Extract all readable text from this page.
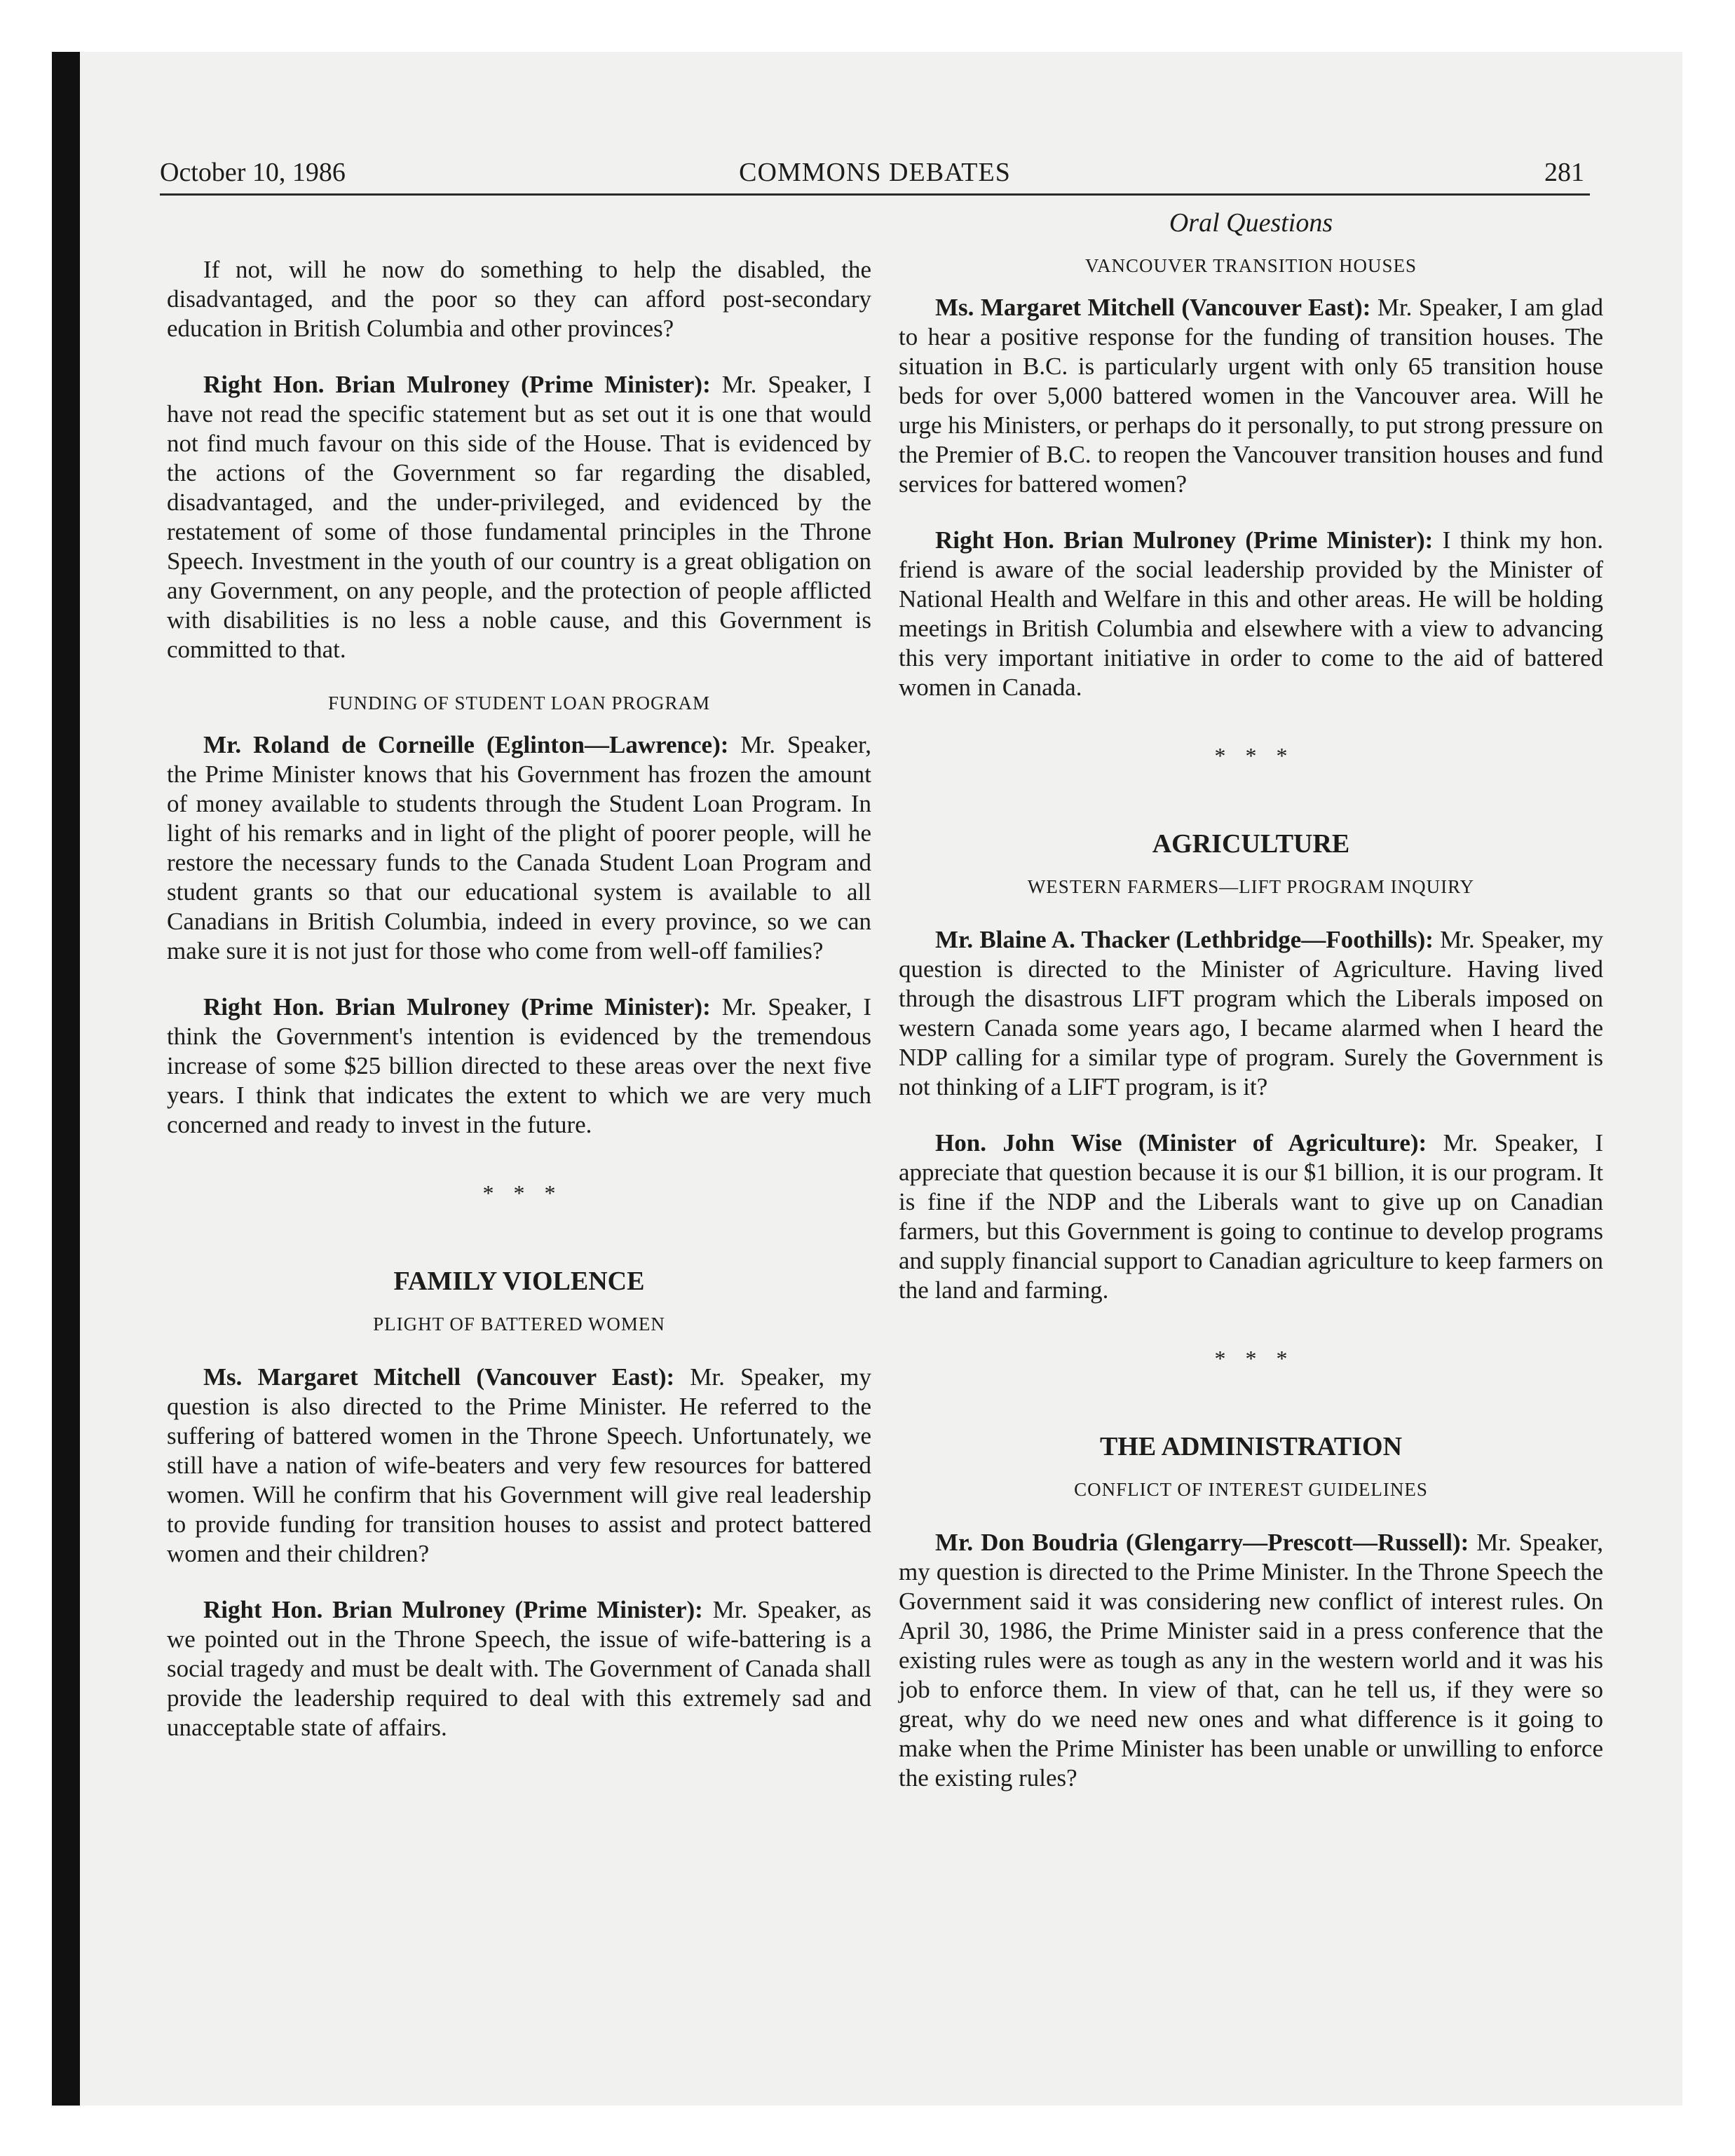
October 10, 1986	COMMONS DEBATES	281

If not, will he now do something to help the disabled, the disadvantaged, and the poor so they can afford post-secondary education in British Columbia and other provinces?

Right Hon. Brian Mulroney (Prime Minister): Mr. Speaker, I have not read the specific statement but as set out it is one that would not find much favour on this side of the House. That is evidenced by the actions of the Government so far regarding the disabled, disadvantaged, and the under-privileged, and evidenced by the restatement of some of those fundamental principles in the Throne Speech. Investment in the youth of our country is a great obligation on any Government, on any people, and the protection of people afflicted with disabilities is no less a noble cause, and this Government is committed to that.

FUNDING OF STUDENT LOAN PROGRAM

Mr. Roland de Corneille (Eglinton—Lawrence): Mr. Speaker, the Prime Minister knows that his Government has frozen the amount of money available to students through the Student Loan Program. In light of his remarks and in light of the plight of poorer people, will he restore the necessary funds to the Canada Student Loan Program and student grants so that our educational system is available to all Canadians in British Columbia, indeed in every province, so we can make sure it is not just for those who come from well-off families?

Right Hon. Brian Mulroney (Prime Minister): Mr. Speaker, I think the Government's intention is evidenced by the tremendous increase of some $25 billion directed to these areas over the next five years. I think that indicates the extent to which we are very much concerned and ready to invest in the future.

* * *
FAMILY VIOLENCE
PLIGHT OF BATTERED WOMEN

Ms. Margaret Mitchell (Vancouver East): Mr. Speaker, my question is also directed to the Prime Minister. He referred to the suffering of battered women in the Throne Speech. Unfortunately, we still have a nation of wife-beaters and very few resources for battered women. Will he confirm that his Government will give real leadership to provide funding for transition houses to assist and protect battered women and their children?

Right Hon. Brian Mulroney (Prime Minister): Mr. Speaker, as we pointed out in the Throne Speech, the issue of wife-battering is a social tragedy and must be dealt with. The Government of Canada shall provide the leadership required to deal with this extremely sad and unacceptable state of affairs.

Oral Questions
VANCOUVER TRANSITION HOUSES

Ms. Margaret Mitchell (Vancouver East): Mr. Speaker, I am glad to hear a positive response for the funding of transition houses. The situation in B.C. is particularly urgent with only 65 transition house beds for over 5,000 battered women in the Vancouver area. Will he urge his Ministers, or perhaps do it personally, to put strong pressure on the Premier of B.C. to reopen the Vancouver transition houses and fund services for battered women?

Right Hon. Brian Mulroney (Prime Minister): I think my hon. friend is aware of the social leadership provided by the Minister of National Health and Welfare in this and other areas. He will be holding meetings in British Columbia and elsewhere with a view to advancing this very important initiative in order to come to the aid of battered women in Canada.

* * *
AGRICULTURE
WESTERN FARMERS—LIFT PROGRAM INQUIRY

Mr. Blaine A. Thacker (Lethbridge—Foothills): Mr. Speaker, my question is directed to the Minister of Agriculture. Having lived through the disastrous LIFT program which the Liberals imposed on western Canada some years ago, I became alarmed when I heard the NDP calling for a similar type of program. Surely the Government is not thinking of a LIFT program, is it?

Hon. John Wise (Minister of Agriculture): Mr. Speaker, I appreciate that question because it is our $1 billion, it is our program. It is fine if the NDP and the Liberals want to give up on Canadian farmers, but this Government is going to continue to develop programs and supply financial support to Canadian agriculture to keep farmers on the land and farming.

* * *
THE ADMINISTRATION
CONFLICT OF INTEREST GUIDELINES

Mr. Don Boudria (Glengarry—Prescott—Russell): Mr. Speaker, my question is directed to the Prime Minister. In the Throne Speech the Government said it was considering new conflict of interest rules. On April 30, 1986, the Prime Minister said in a press conference that the existing rules were as tough as any in the western world and it was his job to enforce them. In view of that, can he tell us, if they were so great, why do we need new ones and what difference is it going to make when the Prime Minister has been unable or unwilling to enforce the existing rules?
